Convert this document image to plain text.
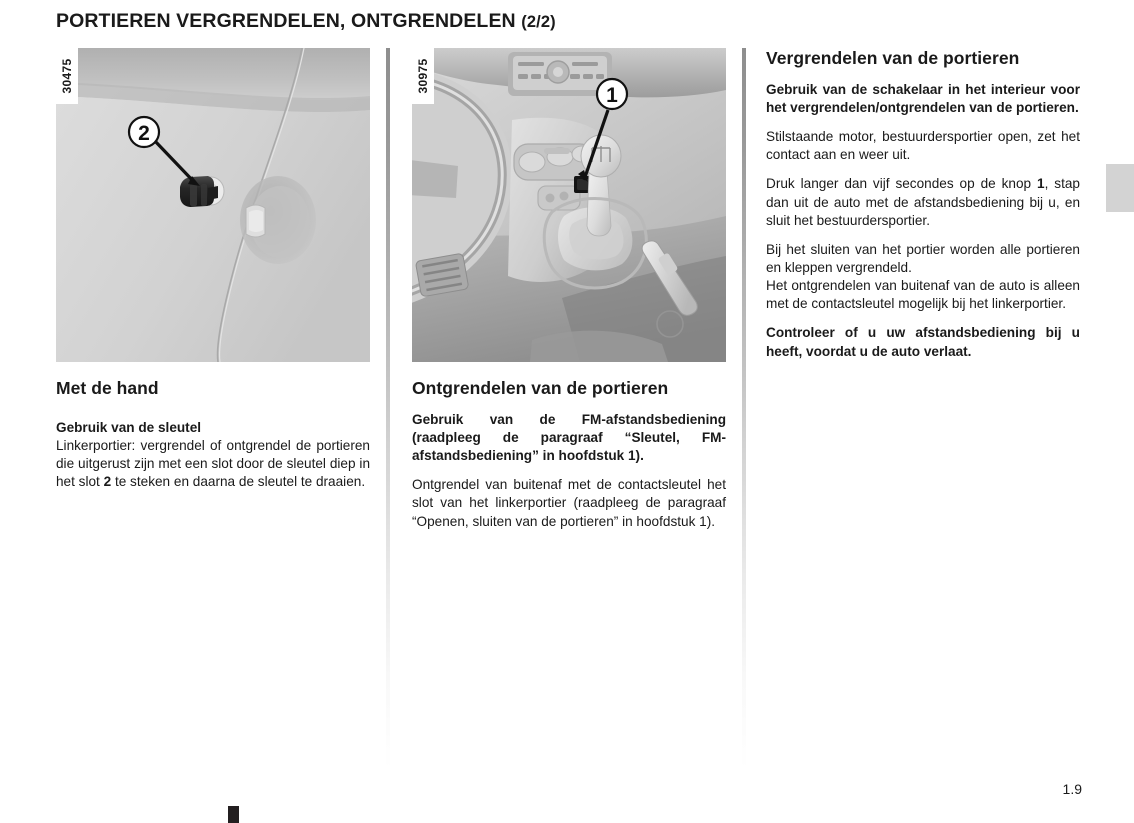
PORTIEREN VERGRENDELEN, ONTGRENDELEN (2/2)
2
30475
Met de hand

Gebruik van de sleutel

Linkerportier: vergrendel of ontgrendel de portieren die uitgerust zijn met een slot door de sleutel diep in het slot 2 te steken en daarna de sleutel te draaien.

1
30975
Ontgrendelen van de portieren

Gebruik van de FM-afstandsbediening (raadpleeg de paragraaf “Sleutel, FM-afstandsbediening” in hoofdstuk 1).

Ontgrendel van buitenaf met de contactsleutel het slot van het linkerportier (raadpleeg de paragraaf “Openen, sluiten van de portieren” in hoofdstuk 1).

Vergrendelen van de portieren

Gebruik van de schakelaar in het interieur voor het vergrendelen/ontgrendelen van de portieren.

Stilstaande motor, bestuurdersportier open, zet het contact aan en weer uit.

Druk langer dan vijf secondes op de knop 1, stap dan uit de auto met de afstandsbediening bij u, en sluit het bestuurdersportier.

Bij het sluiten van het portier worden alle portieren en kleppen vergrendeld.

Het ontgrendelen van buitenaf van de auto is alleen met de contactsleutel mogelijk bij het linkerportier.

Controleer of u uw afstandsbediening bij u heeft, voordat u de auto verlaat.

1.9
